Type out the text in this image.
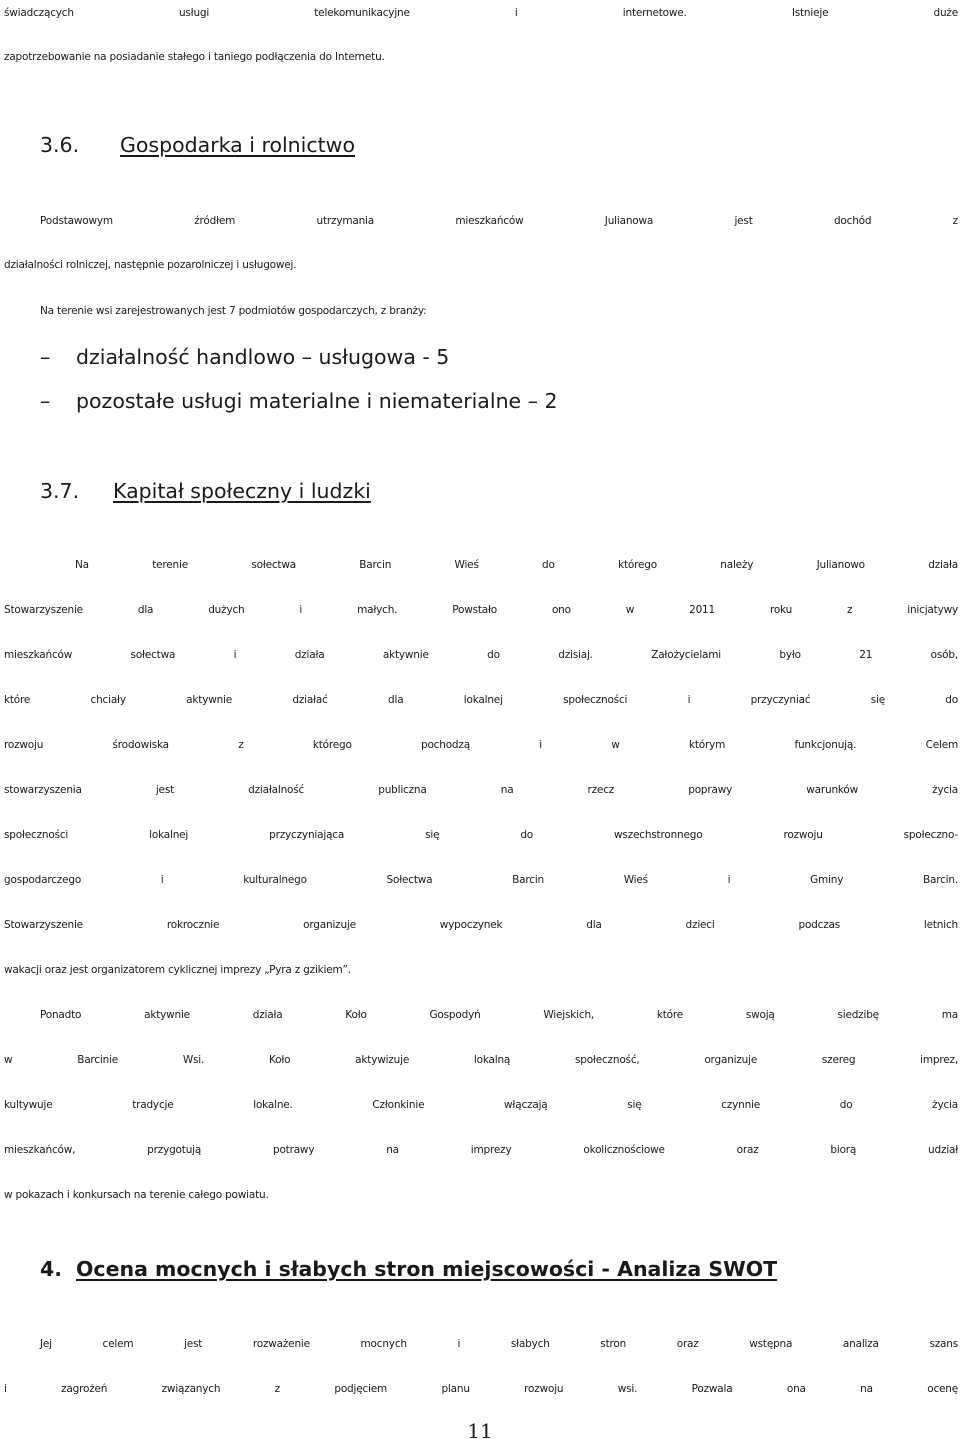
świadczących usługi telekomunikacyjne i internetowe. Istnieje duże
zapotrzebowanie na posiadanie stałego i taniego podłączenia do Internetu.
3.6. Gospodarka i rolnictwo
Podstawowym źródłem utrzymania mieszkańców Julianowa jest dochód z
działalności rolniczej, następnie pozarolniczej i usługowej.
Na terenie wsi zarejestrowanych jest 7 podmiotów gospodarczych, z branży:
–	działalność handlowo – usługowa - 5
–	pozostałe usługi materialne i niematerialne – 2
3.7. Kapitał społeczny i ludzki
Na terenie sołectwa Barcin Wieś do którego należy Julianowo działa
Stowarzyszenie dla dużych i małych. Powstało ono w 2011 roku z inicjatywy
mieszkańców sołectwa i działa aktywnie do dzisiaj. Założycielami było 21 osób,
które chciały aktywnie działać dla lokalnej społeczności i przyczyniać się do
rozwoju środowiska z którego pochodzą i w którym funkcjonują. Celem
stowarzyszenia jest działalność publiczna na rzecz poprawy warunków życia
społeczności lokalnej przyczyniająca się do wszechstronnego rozwoju społeczno-
gospodarczego i kulturalnego Sołectwa Barcin Wieś i Gminy Barcin.
Stowarzyszenie rokrocznie organizuje wypoczynek dla dzieci podczas letnich
wakacji oraz jest organizatorem cyklicznej imprezy „Pyra z gzikiem”.
Ponadto aktywnie działa Koło Gospodyń Wiejskich, które swoją siedzibę ma
w Barcinie Wsi. Koło aktywizuje lokalną społeczność, organizuje szereg imprez,
kultywuje tradycje lokalne. Członkinie włączają się czynnie do życia
mieszkańców, przygotują potrawy na imprezy okolicznościowe oraz biorą udział
w pokazach i konkursach na terenie całego powiatu.
4. Ocena mocnych i słabych stron miejscowości - Analiza SWOT
Jej celem jest rozważenie mocnych i słabych stron oraz wstępna analiza szans
i zagrożeń związanych z podjęciem planu rozwoju wsi. Pozwala ona na ocenę
11
